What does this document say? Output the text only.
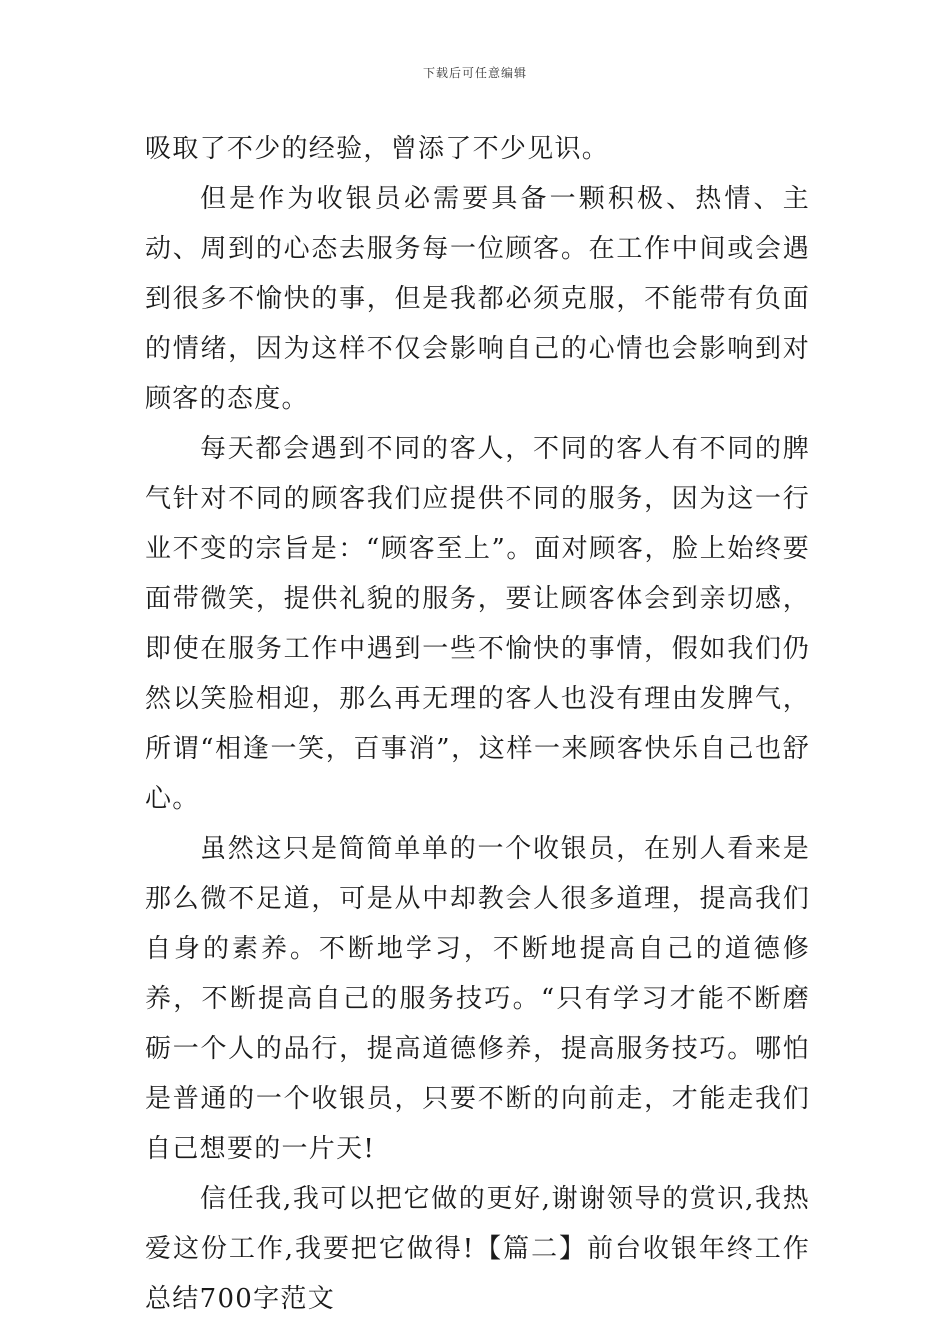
下载后可任意编辑

吸取了不少的经验，曾添了不少见识。

但是作为收银员必需要具备一颗积极、热情、主动、周到的心态去服务每一位顾客。在工作中间或会遇到很多不愉快的事，但是我都必须克服，不能带有负面的情绪，因为这样不仅会影响自己的心情也会影响到对顾客的态度。

每天都会遇到不同的客人，不同的客人有不同的脾气针对不同的顾客我们应提供不同的服务，因为这一行业不变的宗旨是：“顾客至上”。面对顾客，脸上始终要面带微笑，提供礼貌的服务，要让顾客体会到亲切感，即使在服务工作中遇到一些不愉快的事情，假如我们仍然以笑脸相迎，那么再无理的客人也没有理由发脾气，所谓“相逢一笑，百事消”，这样一来顾客快乐自己也舒心。

虽然这只是简简单单的一个收银员，在别人看来是那么微不足道，可是从中却教会人很多道理，提高我们自身的素养。不断地学习，不断地提高自己的道德修养，不断提高自己的服务技巧。“只有学习才能不断磨砺一个人的品行，提高道德修养，提高服务技巧。哪怕是普通的一个收银员，只要不断的向前走，才能走我们自己想要的一片天!

信任我,我可以把它做的更好,谢谢领导的赏识,我热爱这份工作,我要把它做得!【篇二】前台收银年终工作总结700字范文
